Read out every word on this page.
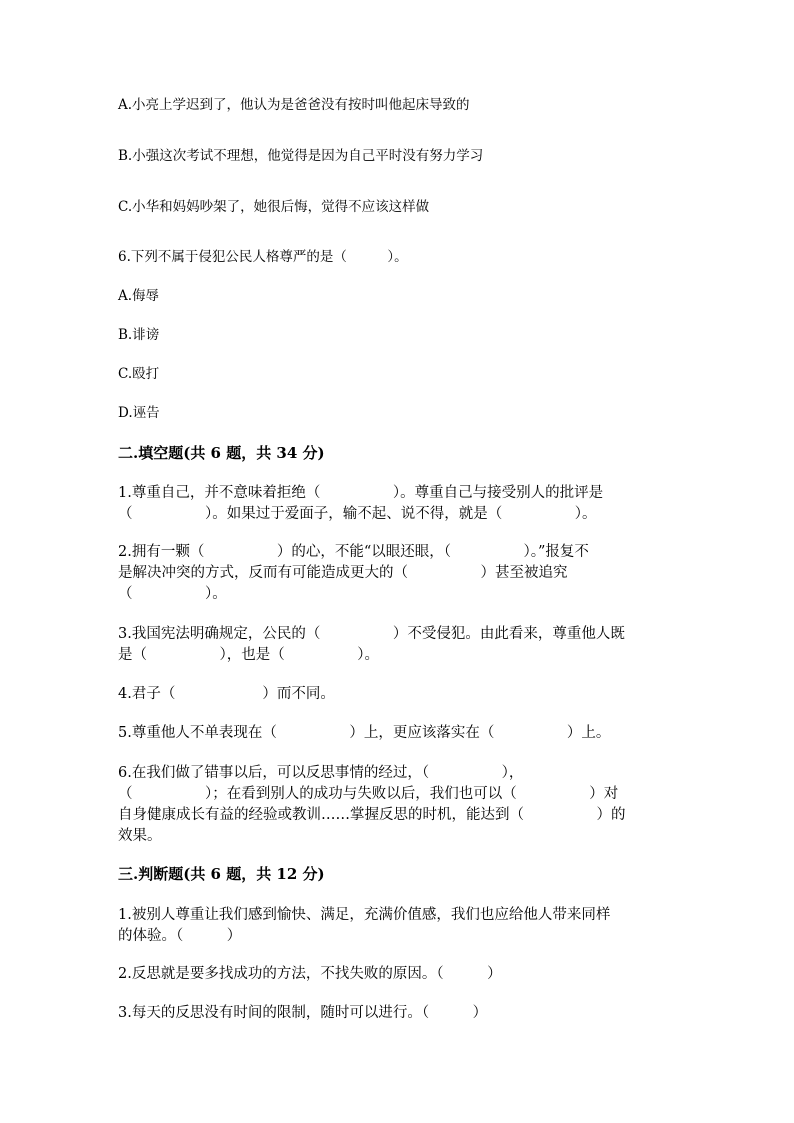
A.小亮上学迟到了，他认为是爸爸没有按时叫他起床导致的
B.小强这次考试不理想，他觉得是因为自己平时没有努力学习
C.小华和妈妈吵架了，她很后悔，觉得不应该这样做
6.下列不属于侵犯公民人格尊严的是（　　　）。
A.侮辱
B.诽谤
C.殴打
D.诬告
二.填空题(共 6 题，共 34 分)
1.尊重自己，并不意味着拒绝（　　　　　）。尊重自己与接受别人的批评是
（　　　　　）。如果过于爱面子，输不起、说不得，就是（　　　　　）。
2.拥有一颗（　　　　　）的心，不能“以眼还眼，（　　　　　）。”报复不
是解决冲突的方式，反而有可能造成更大的（　　　　　）甚至被追究
（　　　　　）。
3.我国宪法明确规定，公民的（　　　　　）不受侵犯。由此看来，尊重他人既
是（　　　　　），也是（　　　　　）。
4.君子（　　　　　　）而不同。
5.尊重他人不单表现在（　　　　　）上，更应该落实在（　　　　　）上。
6.在我们做了错事以后，可以反思事情的经过，（　　　　　），
（　　　　　）；在看到别人的成功与失败以后，我们也可以（　　　　　）对
自身健康成长有益的经验或教训……掌握反思的时机，能达到（　　　　　）的
效果。
三.判断题(共 6 题，共 12 分)
1.被别人尊重让我们感到愉快、满足，充满价值感，我们也应给他人带来同样
的体验。（　　　）
2.反思就是要多找成功的方法，不找失败的原因。（　　　）
3.每天的反思没有时间的限制，随时可以进行。（　　　）
